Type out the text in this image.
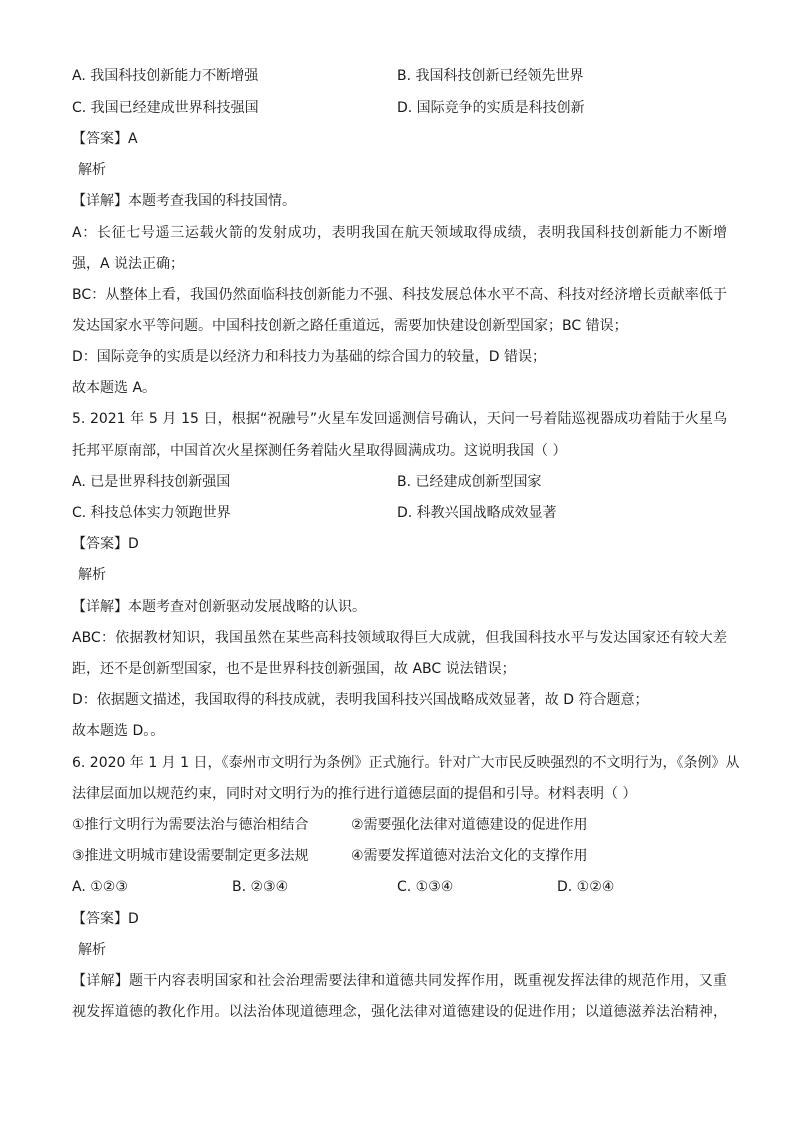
A. 我国科技创新能力不断增强	B. 我国科技创新已经领先世界
C. 我国已经建成世界科技强国	D. 国际竞争的实质是科技创新
【答案】A
解析
【详解】本题考查我国的科技国情。
A：长征七号遥三运载火箭的发射成功，表明我国在航天领域取得成绩，表明我国科技创新能力不断增
强，A 说法正确；
BC：从整体上看，我国仍然面临科技创新能力不强、科技发展总体水平不高、科技对经济增长贡献率低于
发达国家水平等问题。中国科技创新之路任重道远，需要加快建设创新型国家；BC 错误；
D：国际竞争的实质是以经济力和科技力为基础的综合国力的较量，D 错误；
故本题选 A。
5. 2021 年 5 月 15 日，根据“祝融号”火星车发回遥测信号确认，天问一号着陆巡视器成功着陆于火星乌
托邦平原南部，中国首次火星探测任务着陆火星取得圆满成功。这说明我国（ ）
A. 已是世界科技创新强国	B. 已经建成创新型国家
C. 科技总体实力领跑世界	D. 科教兴国战略成效显著
【答案】D
解析
【详解】本题考查对创新驱动发展战略的认识。
ABC：依据教材知识，我国虽然在某些高科技领域取得巨大成就，但我国科技水平与发达国家还有较大差
距，还不是创新型国家，也不是世界科技创新强国，故 ABC 说法错误；
D：依据题文描述，我国取得的科技成就，表明我国科技兴国战略成效显著，故 D 符合题意；
故本题选 D。。
6. 2020 年 1 月 1 日，《泰州市文明行为条例》正式施行。针对广大市民反映强烈的不文明行为，《条例》从
法律层面加以规范约束，同时对文明行为的推行进行道德层面的提倡和引导。材料表明（ ）
①推行文明行为需要法治与德治相结合	②需要强化法律对道德建设的促进作用
③推进文明城市建设需要制定更多法规	④需要发挥道德对法治文化的支撑作用
A. ①②③	B. ②③④	C. ①③④	D. ①②④
【答案】D
解析
【详解】题干内容表明国家和社会治理需要法律和道德共同发挥作用，既重视发挥法律的规范作用，又重
视发挥道德的教化作用。以法治体现道德理念，强化法律对道德建设的促进作用；以道德滋养法治精神，
